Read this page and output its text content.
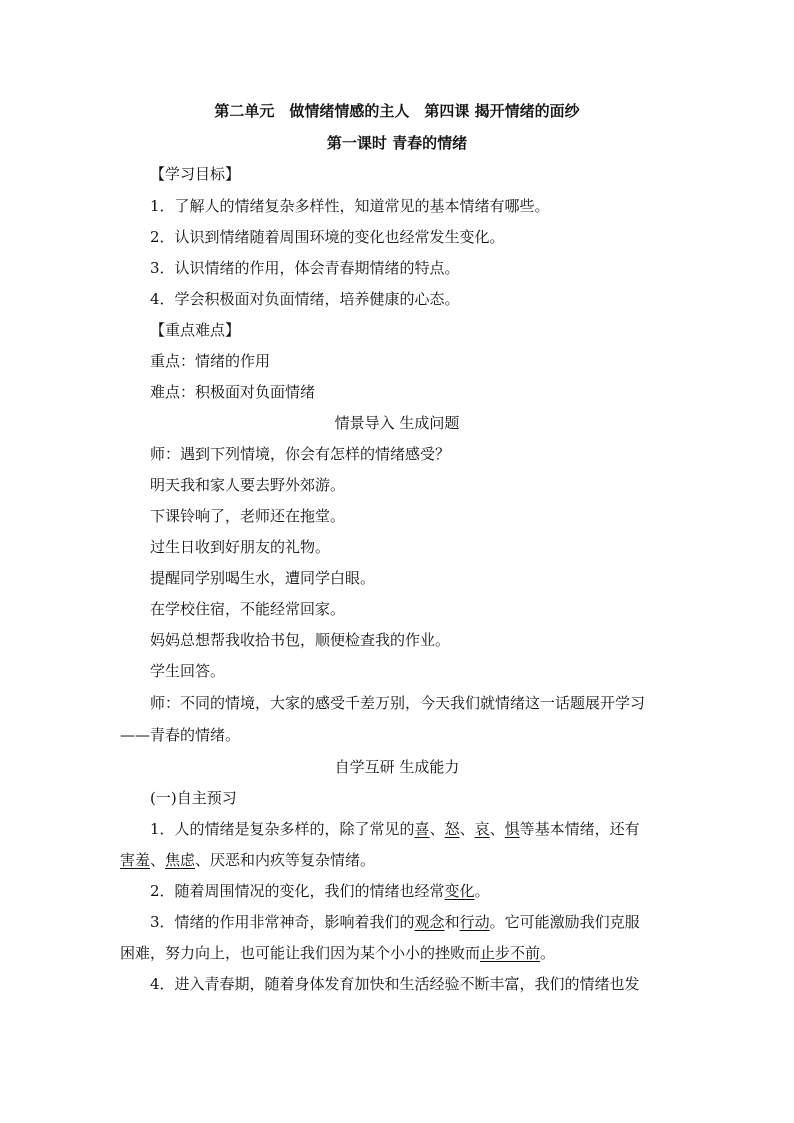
第二单元　做情绪情感的主人　第四课 揭开情绪的面纱
第一课时 青春的情绪
【学习目标】
1．了解人的情绪复杂多样性，知道常见的基本情绪有哪些。
2．认识到情绪随着周围环境的变化也经常发生变化。
3．认识情绪的作用，体会青春期情绪的特点。
4．学会积极面对负面情绪，培养健康的心态。
【重点难点】
重点：情绪的作用
难点：积极面对负面情绪
情景导入 生成问题
师：遇到下列情境，你会有怎样的情绪感受？
明天我和家人要去野外郊游。
下课铃响了，老师还在拖堂。
过生日收到好朋友的礼物。
提醒同学别喝生水，遭同学白眼。
在学校住宿，不能经常回家。
妈妈总想帮我收拾书包，顺便检查我的作业。
学生回答。
师：不同的情境，大家的感受千差万别，今天我们就情绪这一话题展开学习
——青春的情绪。
自学互研 生成能力
(一)自主预习
1．人的情绪是复杂多样的，除了常见的喜、怒、哀、惧等基本情绪，还有
害羞、焦虑、厌恶和内疚等复杂情绪。
2．随着周围情况的变化，我们的情绪也经常变化。
3．情绪的作用非常神奇，影响着我们的观念和行动。它可能激励我们克服
困难，努力向上，也可能让我们因为某个小小的挫败而止步不前。
4．进入青春期，随着身体发育加快和生活经验不断丰富，我们的情绪也发
